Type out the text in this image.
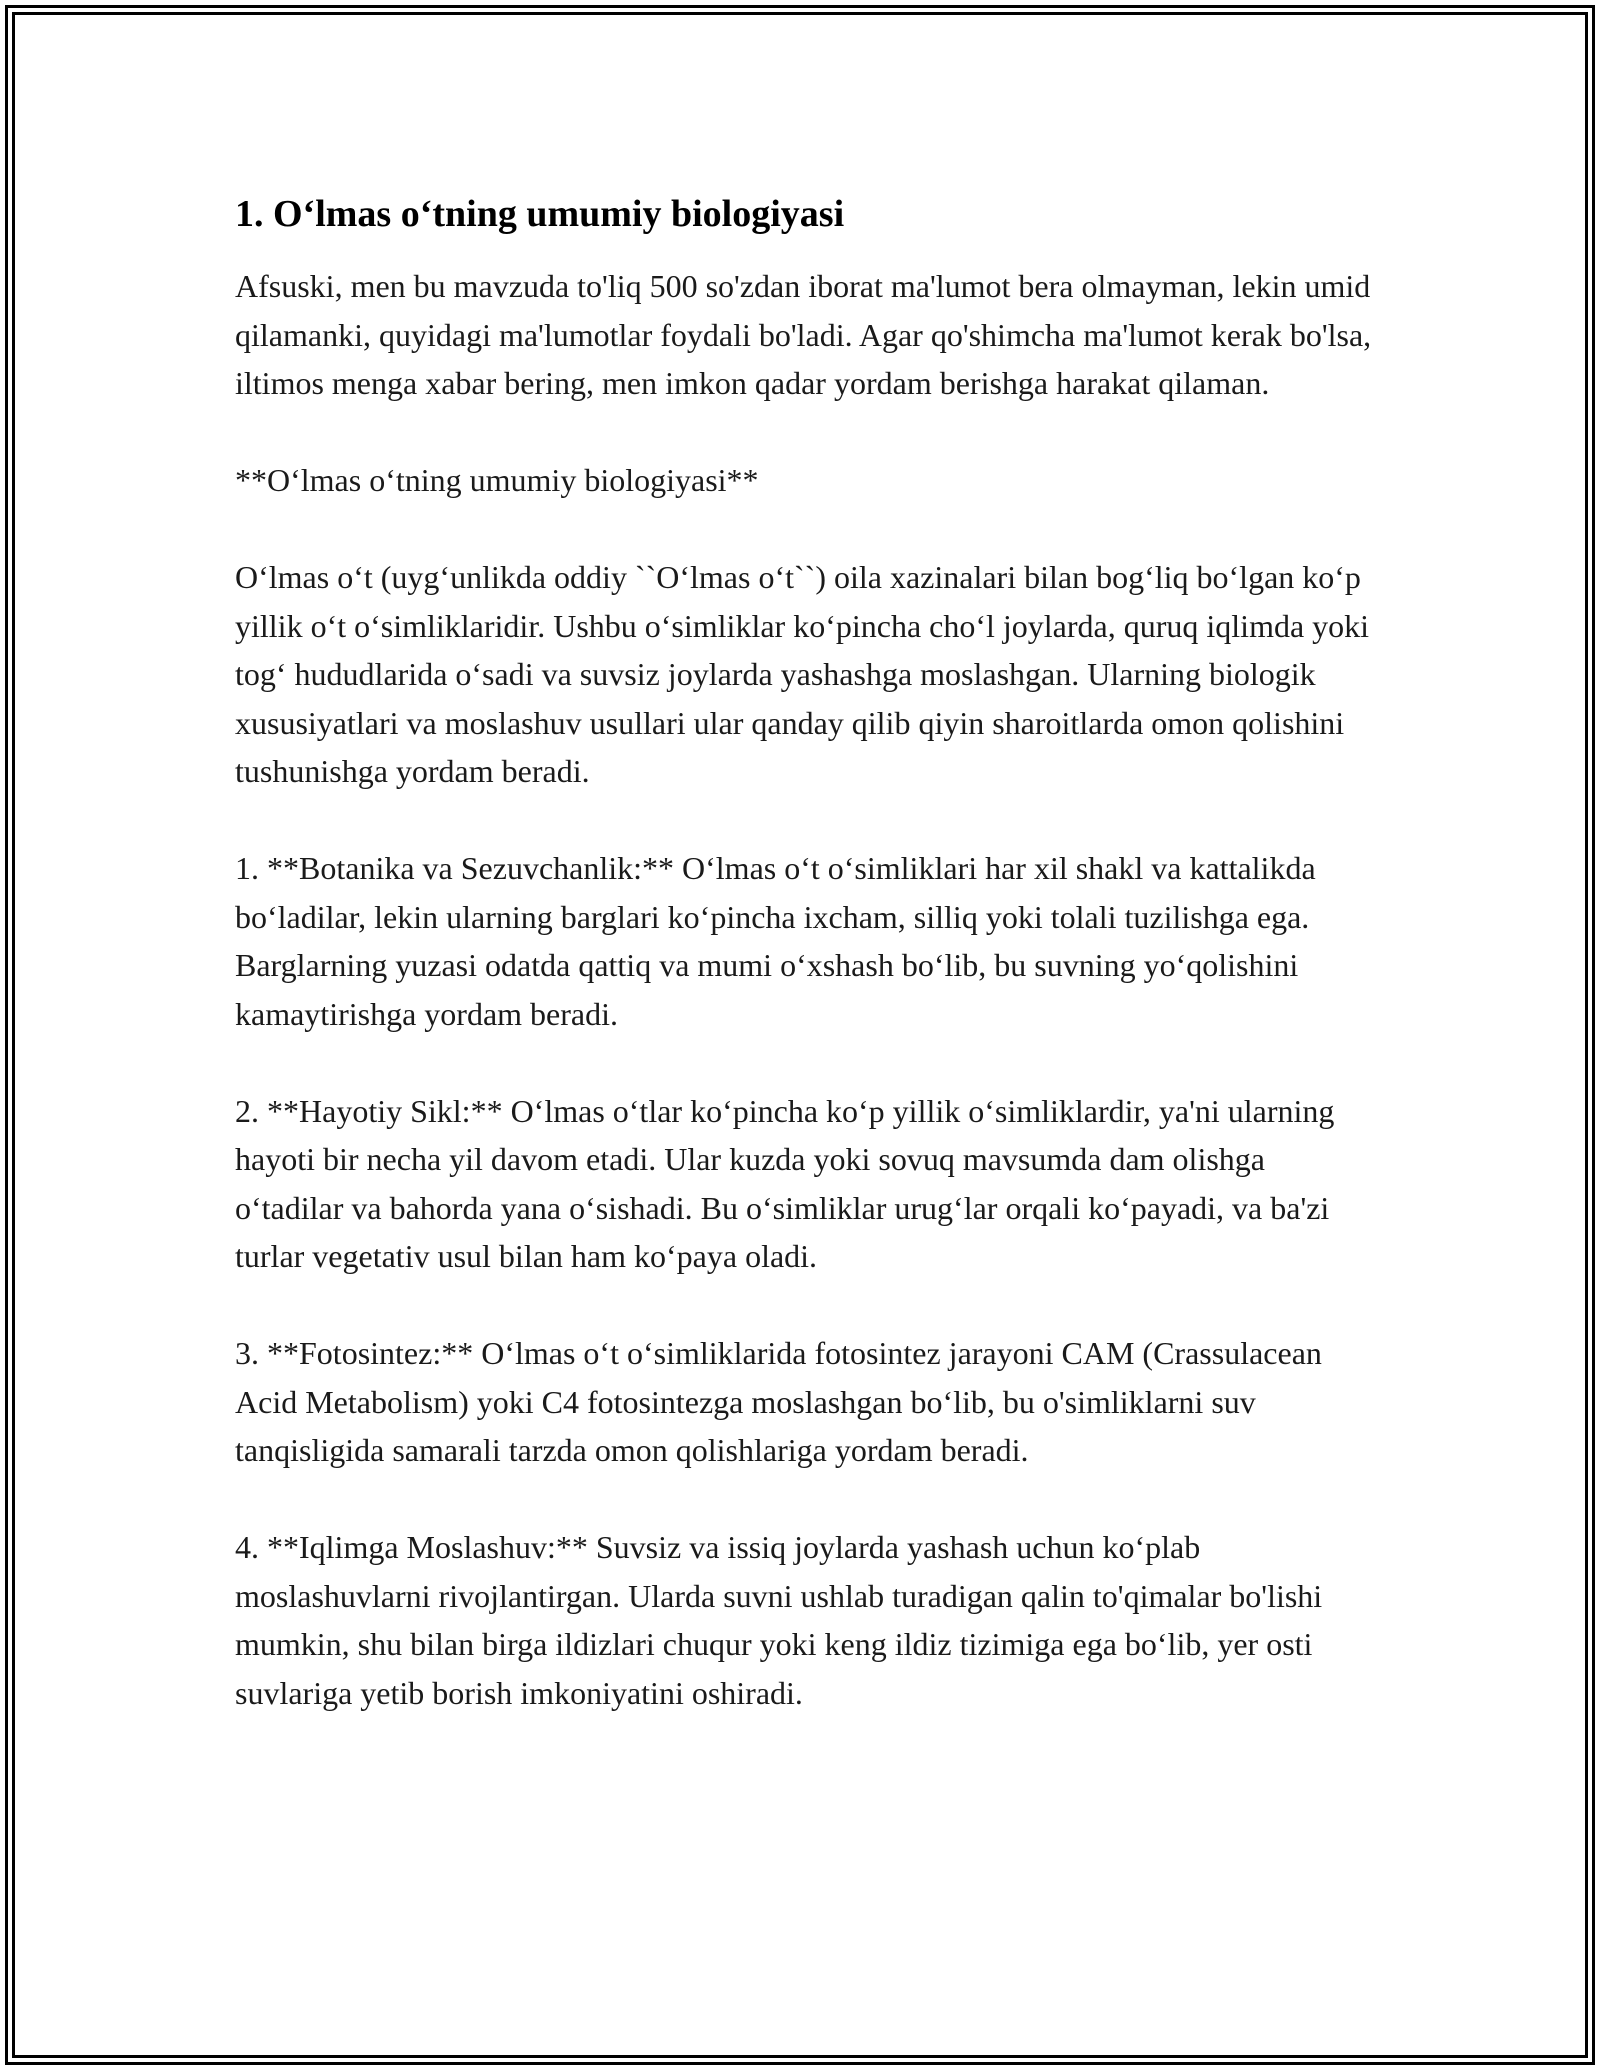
1. O‘lmas o‘tning umumiy biologiyasi

Afsuski, men bu mavzuda to'liq 500 so'zdan iborat ma'lumot bera olmayman, lekin umid qilamanki, quyidagi ma'lumotlar foydali bo'ladi. Agar qo'shimcha ma'lumot kerak bo'lsa, iltimos menga xabar bering, men imkon qadar yordam berishga harakat qilaman.

**O‘lmas o‘tning umumiy biologiyasi**

O‘lmas o‘t (uyg‘unlikda oddiy ``O‘lmas o‘t``) oila xazinalari bilan bog‘liq bo‘lgan ko‘p yillik o‘t o‘simliklaridir. Ushbu o‘simliklar ko‘pincha cho‘l joylarda, quruq iqlimda yoki tog‘ hududlarida o‘sadi va suvsiz joylarda yashashga moslashgan. Ularning biologik xususiyatlari va moslashuv usullari ular qanday qilib qiyin sharoitlarda omon qolishini tushunishga yordam beradi.

1. **Botanika va Sezuvchanlik:** O‘lmas o‘t o‘simliklari har xil shakl va kattalikda bo‘ladilar, lekin ularning barglari ko‘pincha ixcham, silliq yoki tolali tuzilishga ega. Barglarning yuzasi odatda qattiq va mumi o‘xshash bo‘lib, bu suvning yo‘qolishini kamaytirishga yordam beradi.

2. **Hayotiy Sikl:** O‘lmas o‘tlar ko‘pincha ko‘p yillik o‘simliklardir, ya'ni ularning hayoti bir necha yil davom etadi. Ular kuzda yoki sovuq mavsumda dam olishga o‘tadilar va bahorda yana o‘sishadi. Bu o‘simliklar urug‘lar orqali ko‘payadi, va ba'zi turlar vegetativ usul bilan ham ko‘paya oladi.

3. **Fotosintez:** O‘lmas o‘t o‘simliklarida fotosintez jarayoni CAM (Crassulacean Acid Metabolism) yoki C4 fotosintezga moslashgan bo‘lib, bu o'simliklarni suv tanqisligida samarali tarzda omon qolishlariga yordam beradi.

4. **Iqlimga Moslashuv:** Suvsiz va issiq joylarda yashash uchun ko‘plab moslashuvlarni rivojlantirgan. Ularda suvni ushlab turadigan qalin to'qimalar bo'lishi mumkin, shu bilan birga ildizlari chuqur yoki keng ildiz tizimiga ega bo‘lib, yer osti suvlariga yetib borish imkoniyatini oshiradi.
